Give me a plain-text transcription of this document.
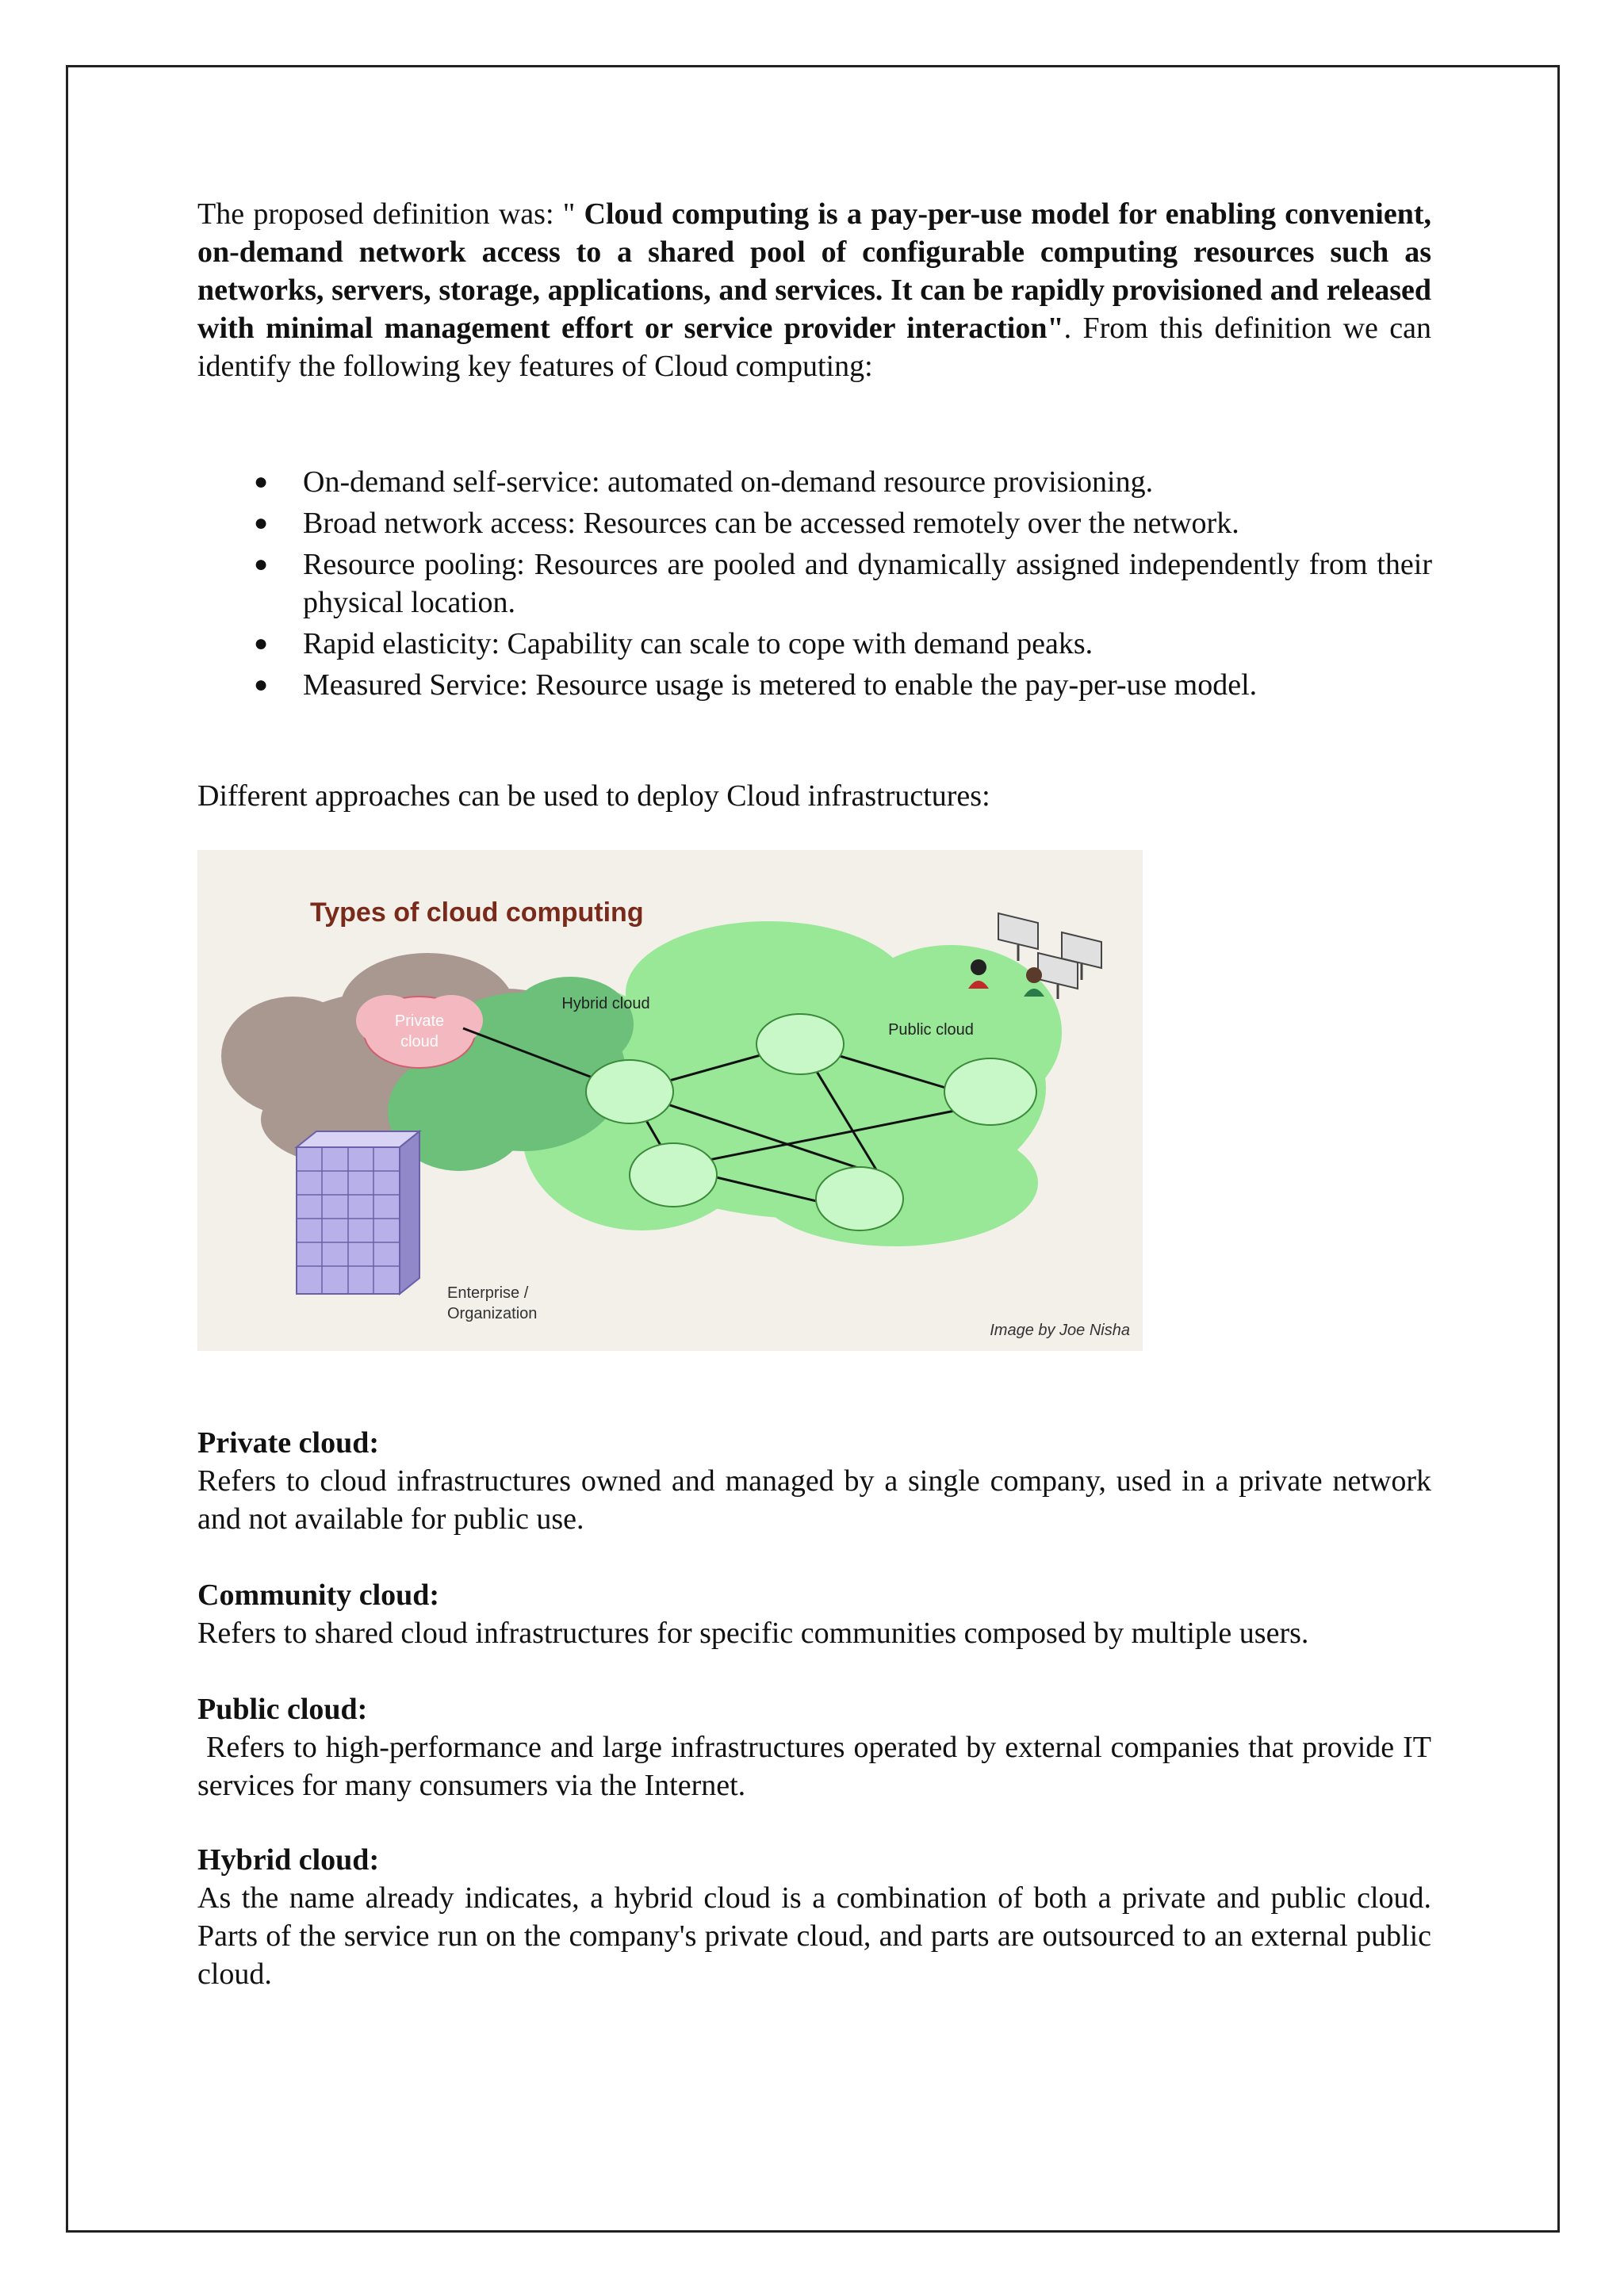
The proposed definition was: " Cloud computing is a pay-per-use model for enabling convenient, on-demand network access to a shared pool of configurable computing resources such as networks, servers, storage, applications, and services. It can be rapidly provisioned and released with minimal management effort or service provider interaction". From this definition we can identify the following key features of Cloud computing:
● On-demand self-service: automated on-demand resource provisioning.
● Broad network access: Resources can be accessed remotely over the network.
● Resource pooling: Resources are pooled and dynamically assigned independently from their physical location.
● Rapid elasticity: Capability can scale to cope with demand peaks.
● Measured Service: Resource usage is metered to enable the pay-per-use model.
Different approaches can be used to deploy Cloud infrastructures:
Types of cloud computing
Private
cloud
Hybrid cloud
Public cloud
Enterprise /
Organization
Image by Joe Nisha
Private cloud:

Refers to cloud infrastructures owned and managed by a single company, used in a private network and not available for public use.

Community cloud:

Refers to shared cloud infrastructures for specific communities composed by multiple users.

Public cloud:

Refers to high-performance and large infrastructures operated by external companies that provide IT services for many consumers via the Internet.

Hybrid cloud:

As the name already indicates, a hybrid cloud is a combination of both a private and public cloud. Parts of the service run on the company's private cloud, and parts are outsourced to an external public cloud.
